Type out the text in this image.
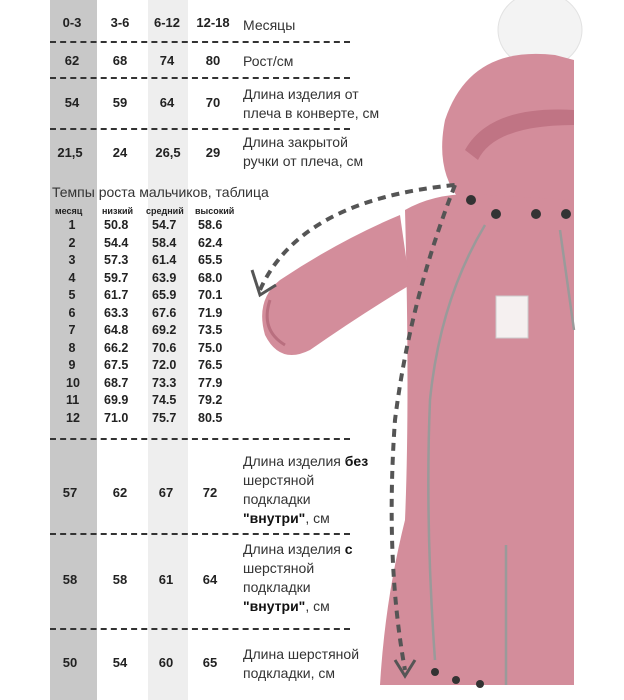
0-3	3-6	6-12	12-18 Месяцы
62	68	74	80	Рост/см
54	59	64	70
Длина изделия от плеча в конверте, см
21,5	24	26,5	29
Длина закрытой ручки от плеча, см
Темпы роста мальчиков, таблица
месяц низкий средний высокий
1 50.8 54.7 58.6
2 54.4 58.4 62.4
3 57.3 61.4 65.5
4 59.7 63.9 68.0
5 61.7 65.9 70.1
6 63.3 67.6 71.9
7 64.8 69.2 73.5
8 66.2 70.6 75.0
9 67.5 72.0 76.5
10 68.7 73.3 77.9
11 69.9 74.5 79.2
12 71.0 75.7 80.5
57	62	67	72
Длина изделия без шерстяной подкладки "внутри", см
58	58	61	64
Длина изделия с шерстяной подкладки "внутри", см
50	54	60	65
Длина шерстяной подкладки, см
